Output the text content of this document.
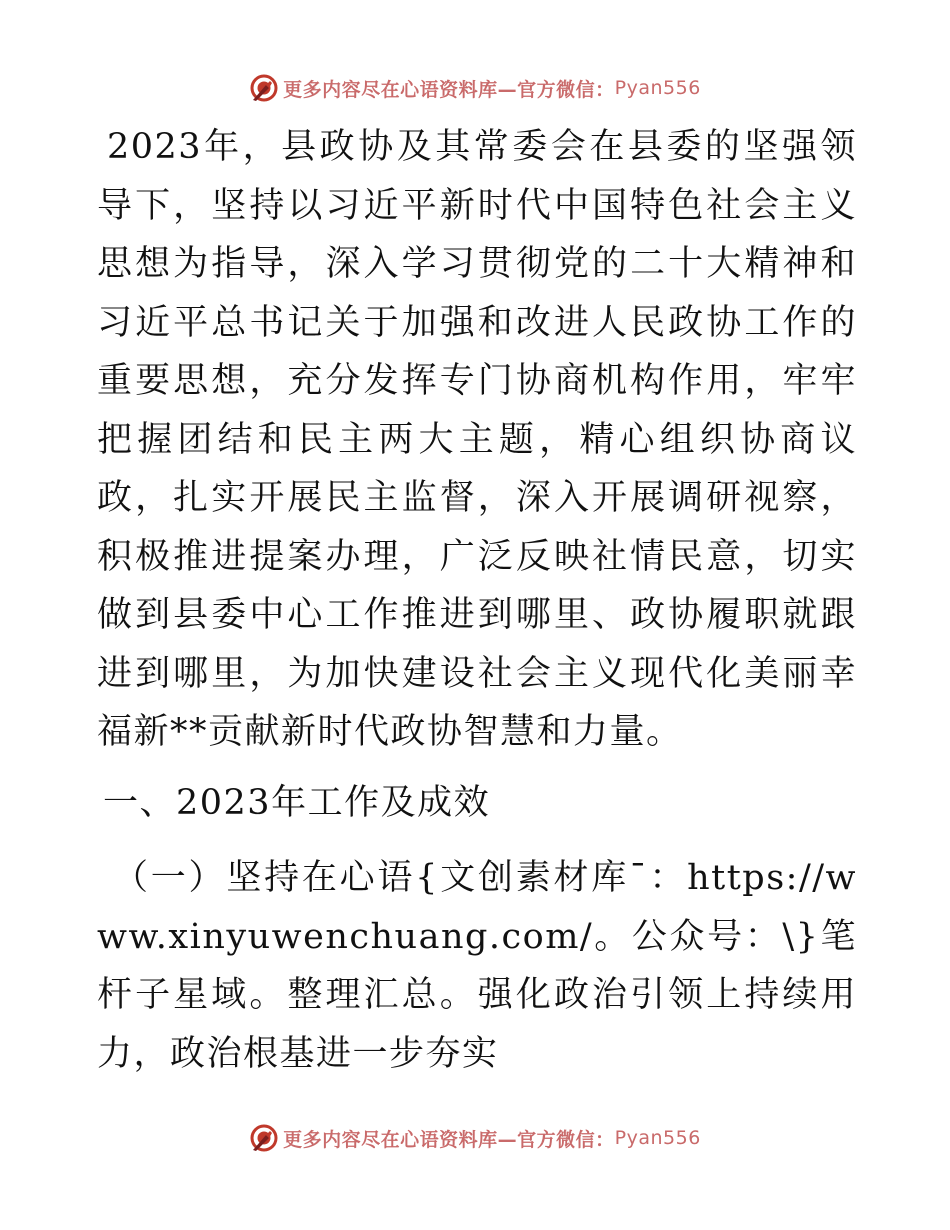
更多内容尽在心语资料库—官方微信： Pyan556

2023年，县政协及其常委会在县委的坚强领导下，坚持以习近平新时代中国特色社会主义思想为指导，深入学习贯彻党的二十大精神和习近平总书记关于加强和改进人民政协工作的重要思想，充分发挥专门协商机构作用，牢牢把握团结和民主两大主题，精心组织协商议政，扎实开展民主监督，深入开展调研视察，积极推进提案办理，广泛反映社情民意，切实做到县委中心工作推进到哪里、政协履职就跟进到哪里，为加快建设社会主义现代化美丽幸福新**贡献新时代政协智慧和力量。

一、2023年工作及成效

（一）坚持在心语{文创素材库¯：https://www.xinyuwenchuang.com/。公众号：\}笔杆子星域。整理汇总。强化政治引领上持续用力，政治根基进一步夯实

更多内容尽在心语资料库—官方微信： Pyan556
